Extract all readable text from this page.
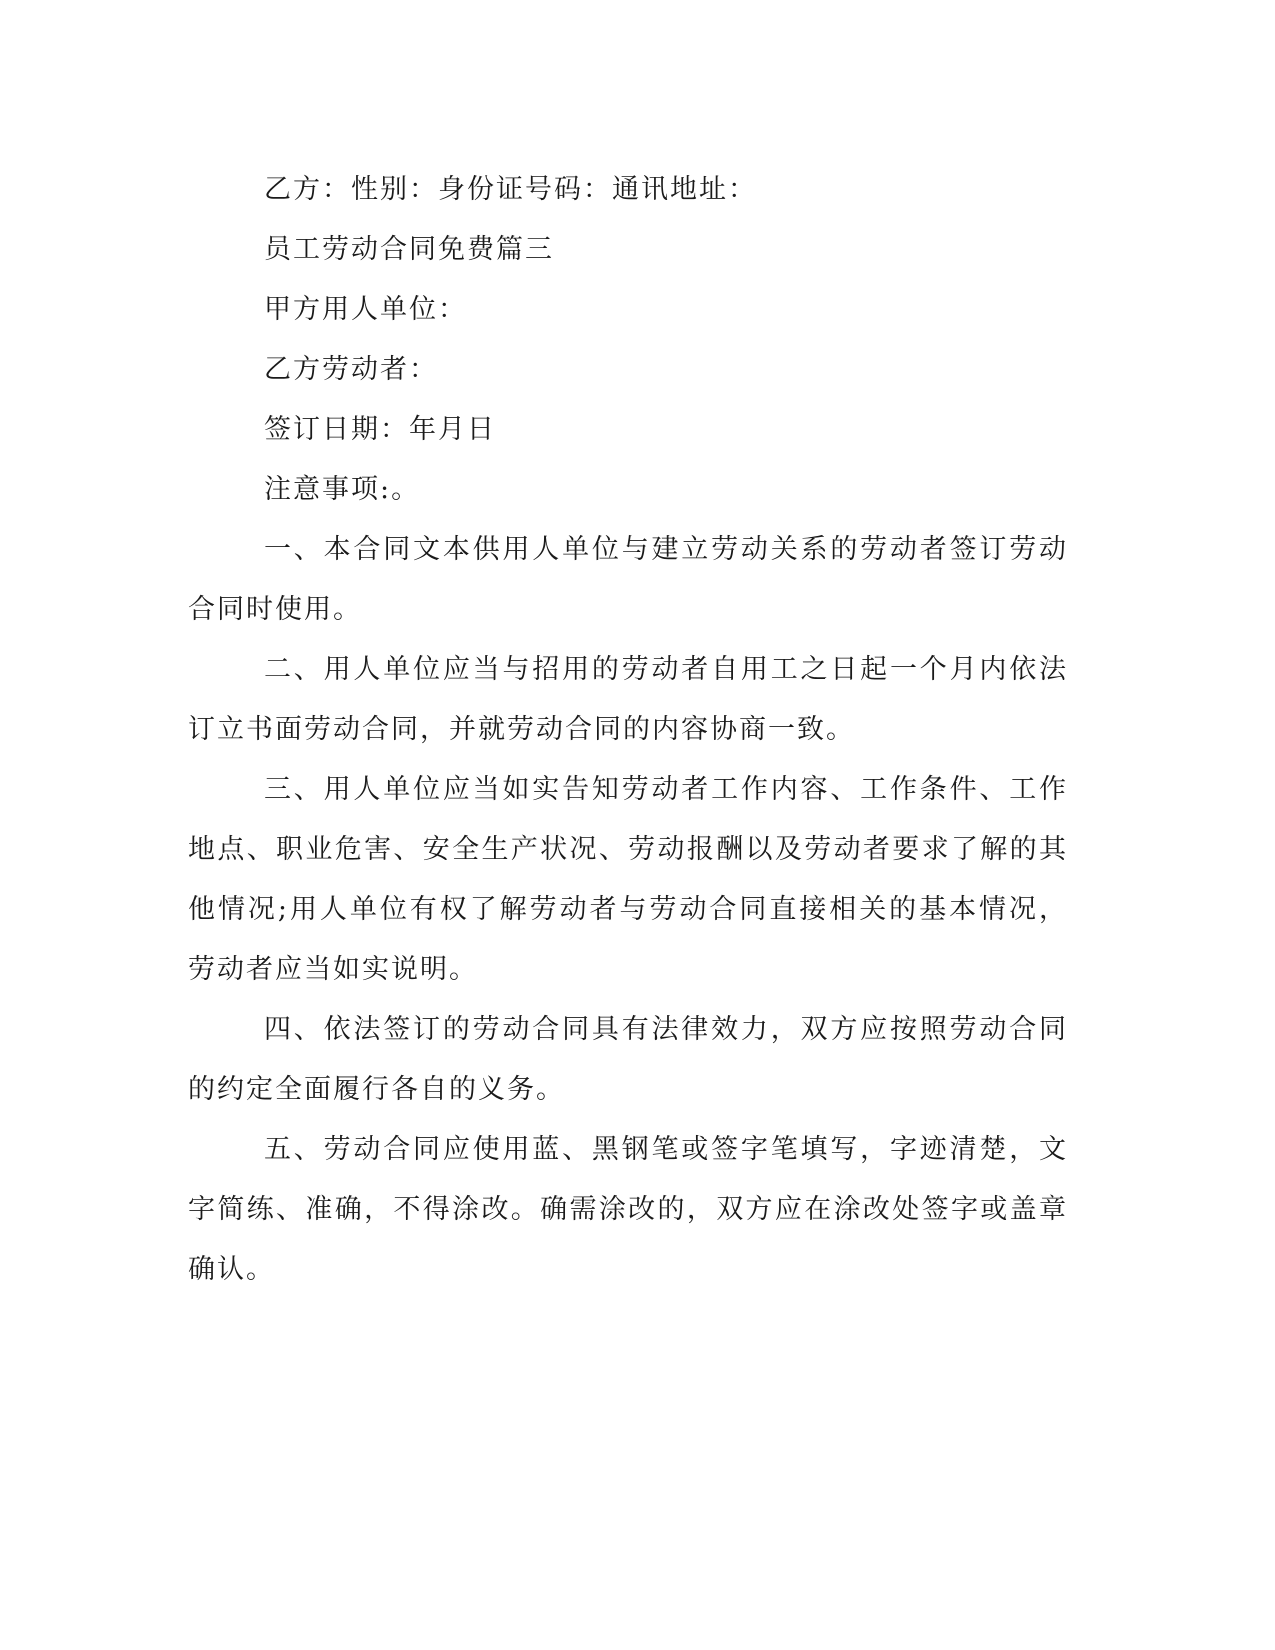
乙方：性别：身份证号码：通讯地址：

员工劳动合同免费篇三

甲方用人单位：

乙方劳动者：

签订日期：年月日

注意事项:。

一、本合同文本供用人单位与建立劳动关系的劳动者签订劳动合同时使用。

二、用人单位应当与招用的劳动者自用工之日起一个月内依法订立书面劳动合同，并就劳动合同的内容协商一致。

三、用人单位应当如实告知劳动者工作内容、工作条件、工作地点、职业危害、安全生产状况、劳动报酬以及劳动者要求了解的其他情况;用人单位有权了解劳动者与劳动合同直接相关的基本情况，劳动者应当如实说明。

四、依法签订的劳动合同具有法律效力，双方应按照劳动合同的约定全面履行各自的义务。

五、劳动合同应使用蓝、黑钢笔或签字笔填写，字迹清楚，文字简练、准确，不得涂改。确需涂改的，双方应在涂改处签字或盖章确认。
